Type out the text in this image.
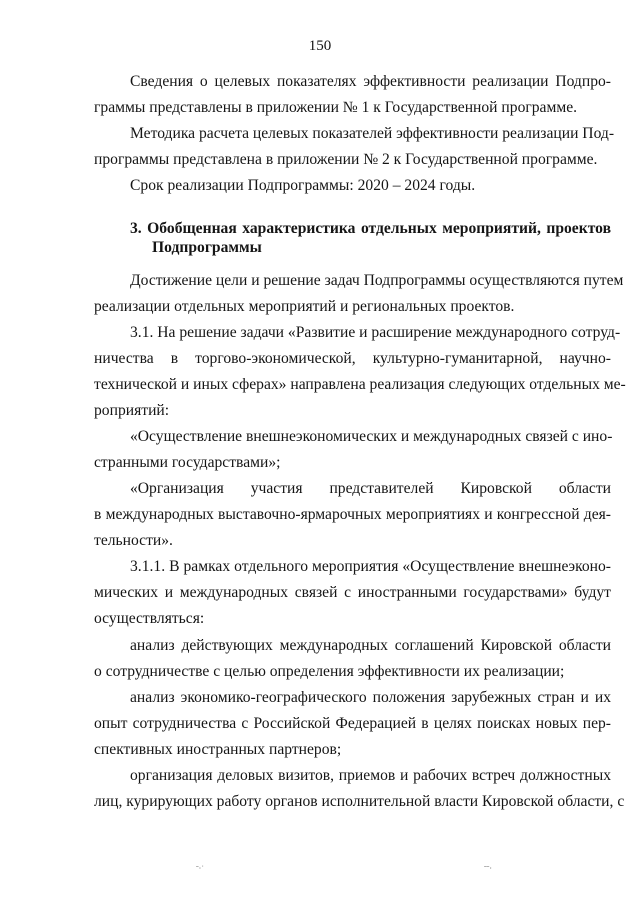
150
Сведения о целевых показателях эффективности реализации Подпро-
граммы представлены в приложении № 1 к Государственной программе.
Методика расчета целевых показателей эффективности реализации Под-
программы представлена в приложении № 2 к Государственной программе.
Срок реализации Подпрограммы: 2020 – 2024 годы.
3. Обобщенная характеристика отдельных мероприятий, проектов
Подпрограммы
Достижение цели и решение задач Подпрограммы осуществляются путем
реализации отдельных мероприятий и региональных проектов.
3.1. На решение задачи «Развитие и расширение международного сотруд-
ничества в торгово-экономической, культурно-гуманитарной, научно-
технической и иных сферах» направлена реализация следующих отдельных ме-
роприятий:
«Осуществление внешнеэкономических и международных связей с ино-
странными государствами»;
«Организация участия представителей Кировской области
в международных выставочно-ярмарочных мероприятиях и конгрессной дея-
тельности».
3.1.1. В рамках отдельного мероприятия «Осуществление внешнеэконо-
мических и международных связей с иностранными государствами» будут
осуществляться:
анализ действующих международных соглашений Кировской области
о сотрудничестве с целью определения эффективности их реализации;
анализ экономико-географического положения зарубежных стран и их
опыт сотрудничества с Российской Федерацией в целях поисках новых пер-
спективных иностранных партнеров;
организация деловых визитов, приемов и рабочих встреч должностных
лиц, курирующих работу органов исполнительной власти Кировской области, с
ˉ·˙	ˉˉ·
